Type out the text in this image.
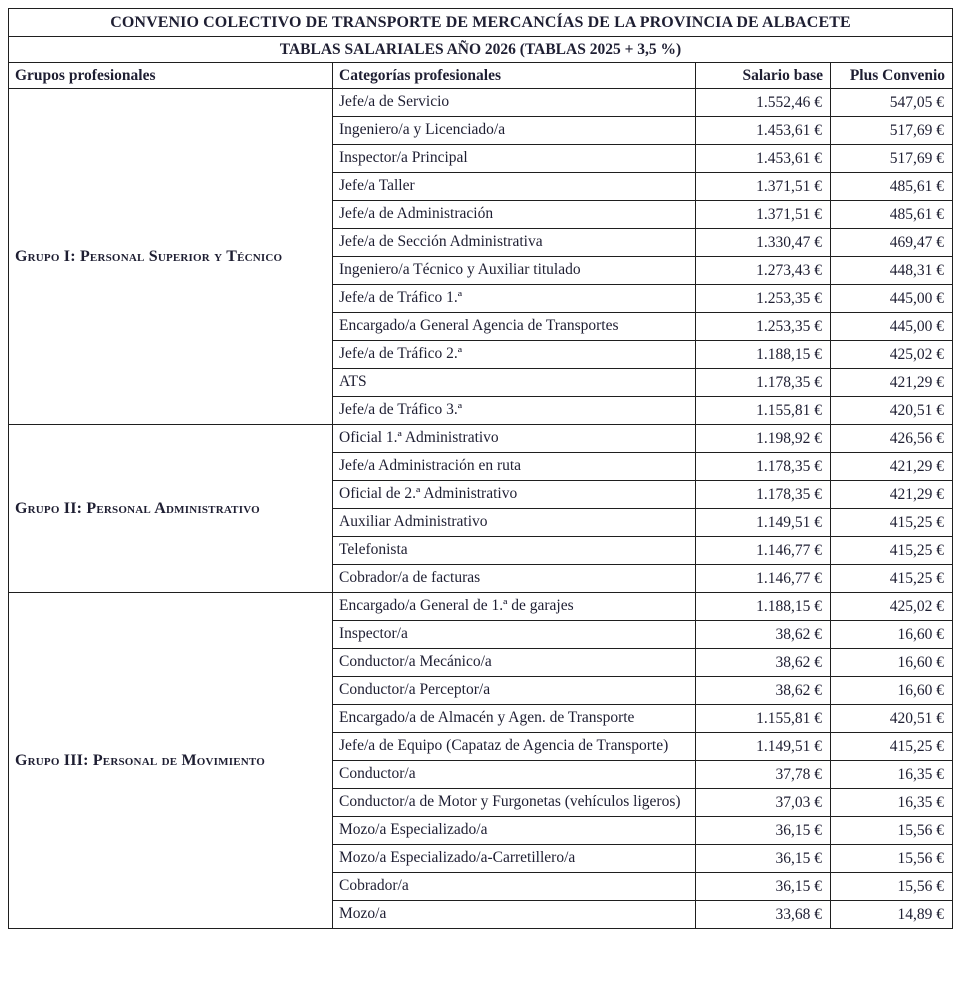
CONVENIO COLECTIVO DE TRANSPORTE DE MERCANCÍAS DE LA PROVINCIA DE ALBACETE			
TABLAS SALARIALES AÑO 2026 (TABLAS 2025 + 3,5 %)			
Grupos profesionales	Categorías profesionales	Salario base	Plus Convenio
Grupo I: Personal Superior y Técnico	Jefe/a de Servicio	1.552,46 €	547,05 €
	Ingeniero/a y Licenciado/a	1.453,61 €	517,69 €
	Inspector/a Principal	1.453,61 €	517,69 €
	Jefe/a Taller	1.371,51 €	485,61 €
	Jefe/a de Administración	1.371,51 €	485,61 €
	Jefe/a de Sección Administrativa	1.330,47 €	469,47 €
	Ingeniero/a Técnico y Auxiliar titulado	1.273,43 €	448,31 €
	Jefe/a de Tráfico 1.ª	1.253,35 €	445,00 €
	Encargado/a General Agencia de Transportes	1.253,35 €	445,00 €
	Jefe/a de Tráfico 2.ª	1.188,15 €	425,02 €
	ATS	1.178,35 €	421,29 €
	Jefe/a de Tráfico 3.ª	1.155,81 €	420,51 €
Grupo II: Personal Administrativo	Oficial 1.ª Administrativo	1.198,92 €	426,56 €
	Jefe/a Administración en ruta	1.178,35 €	421,29 €
	Oficial de 2.ª Administrativo	1.178,35 €	421,29 €
	Auxiliar Administrativo	1.149,51 €	415,25 €
	Telefonista	1.146,77 €	415,25 €
	Cobrador/a de facturas	1.146,77 €	415,25 €
Grupo III: Personal de Movimiento	Encargado/a General de 1.ª de garajes	1.188,15 €	425,02 €
	Inspector/a	38,62 €	16,60 €
	Conductor/a Mecánico/a	38,62 €	16,60 €
	Conductor/a Perceptor/a	38,62 €	16,60 €
	Encargado/a de Almacén y Agen. de Transporte	1.155,81 €	420,51 €
	Jefe/a de Equipo (Capataz de Agencia de Transporte)	1.149,51 €	415,25 €
	Conductor/a	37,78 €	16,35 €
	Conductor/a de Motor y Furgonetas (vehículos ligeros)	37,03 €	16,35 €
	Mozo/a Especializado/a	36,15 €	15,56 €
	Mozo/a Especializado/a-Carretillero/a	36,15 €	15,56 €
	Cobrador/a	36,15 €	15,56 €
	Mozo/a	33,68 €	14,89 €
